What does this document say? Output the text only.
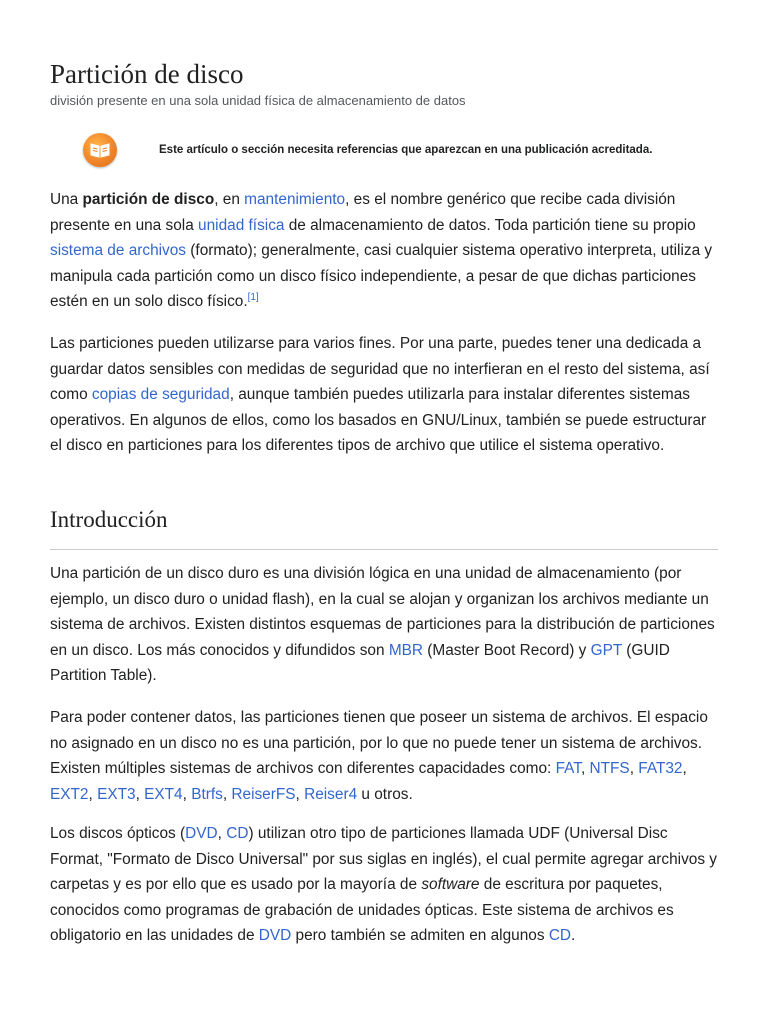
Partición de disco
división presente en una sola unidad física de almacenamiento de datos
Este artículo o sección necesita referencias que aparezcan en una publicación acreditada.

Una partición de disco, en mantenimiento, es el nombre genérico que recibe cada división presente en una sola unidad física de almacenamiento de datos. Toda partición tiene su propio sistema de archivos (formato); generalmente, casi cualquier sistema operativo interpreta, utiliza y manipula cada partición como un disco físico independiente, a pesar de que dichas particiones estén en un solo disco físico.[1]

Las particiones pueden utilizarse para varios fines. Por una parte, puedes tener una dedicada a guardar datos sensibles con medidas de seguridad que no interfieran en el resto del sistema, así como copias de seguridad, aunque también puedes utilizarla para instalar diferentes sistemas operativos. En algunos de ellos, como los basados en GNU/Linux, también se puede estructurar el disco en particiones para los diferentes tipos de archivo que utilice el sistema operativo.

Introducción

Una partición de un disco duro es una división lógica en una unidad de almacenamiento (por ejemplo, un disco duro o unidad flash), en la cual se alojan y organizan los archivos mediante un sistema de archivos. Existen distintos esquemas de particiones para la distribución de particiones en un disco. Los más conocidos y difundidos son MBR (Master Boot Record) y GPT (GUID Partition Table).

Para poder contener datos, las particiones tienen que poseer un sistema de archivos. El espacio no asignado en un disco no es una partición, por lo que no puede tener un sistema de archivos. Existen múltiples sistemas de archivos con diferentes capacidades como: FAT, NTFS, FAT32, EXT2, EXT3, EXT4, Btrfs, ReiserFS, Reiser4 u otros.

Los discos ópticos (DVD, CD) utilizan otro tipo de particiones llamada UDF (Universal Disc Format, "Formato de Disco Universal" por sus siglas en inglés), el cual permite agregar archivos y carpetas y es por ello que es usado por la mayoría de software de escritura por paquetes, conocidos como programas de grabación de unidades ópticas. Este sistema de archivos es obligatorio en las unidades de DVD pero también se admiten en algunos CD.
